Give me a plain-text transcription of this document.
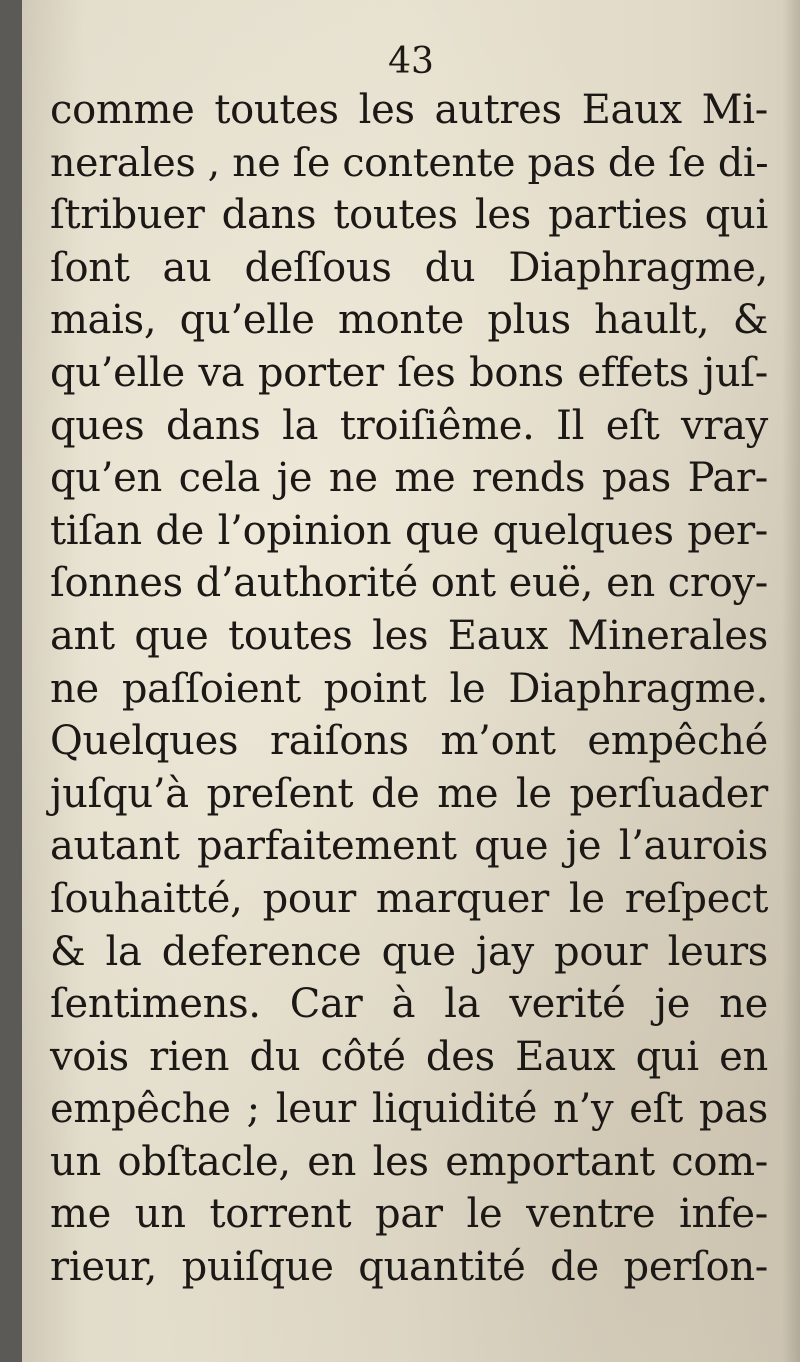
43
comme toutes les autres Eaux Mi-
nerales , ne ſe contente pas de ſe di-
ſtribuer dans toutes les parties qui
ſont au deſſous du Diaphragme,
mais, qu’elle monte plus hault, &
qu’elle va porter ſes bons effets juſ-
ques dans la troiſiême. Il eſt vray
qu’en cela je ne me rends pas Par-
tiſan de l’opinion que quelques per-
ſonnes d’authorité ont euë, en croy-
ant que toutes les Eaux Minerales
ne paſſoient point le Diaphragme.
Quelques raiſons m’ont empêché
juſqu’à preſent de me le perſuader
autant parfaitement que je l’aurois
ſouhaitté, pour marquer le reſpect
& la deference que jay pour leurs
ſentimens. Car à la verité je ne
vois rien du côté des Eaux qui en
empêche ; leur liquidité n’y eſt pas
un obſtacle, en les emportant com-
me un torrent par le ventre infe-
rieur, puiſque quantité de perſon-
